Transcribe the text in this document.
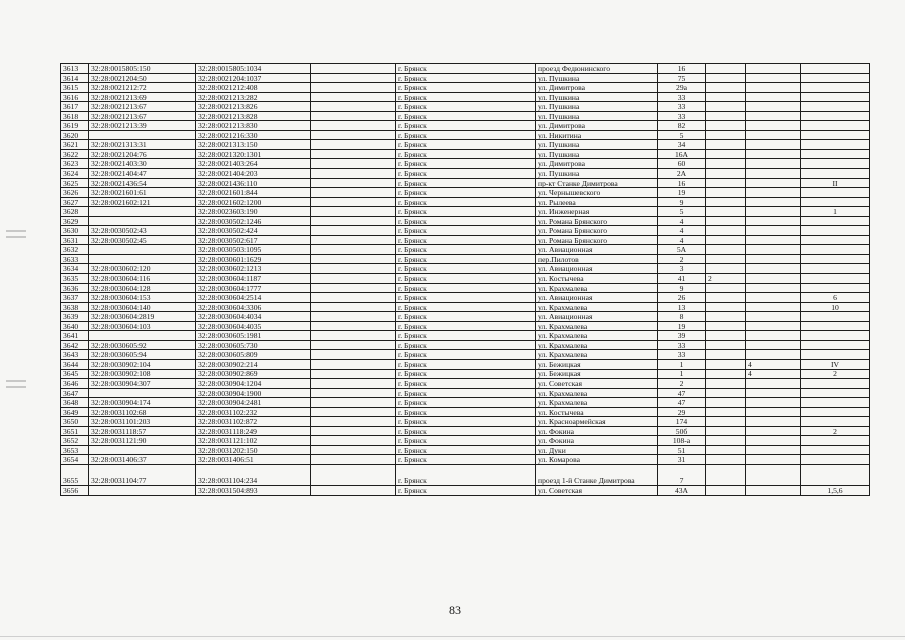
3613	32:28:0015805:150	32:28:0015805:1034		г. Брянск	проезд Федюнинского	16			
3614	32:28:0021204:50	32:28:0021204:1037		г. Брянск	ул. Пушкина	75			
3615	32:28:0021212:72	32:28:0021212:408		г. Брянск	ул. Димитрова	29а			
3616	32:28:0021213:69	32:28:0021213:282		г. Брянск	ул. Пушкина	33			
3617	32:28:0021213:67	32:28:0021213:826		г. Брянск	ул. Пушкина	33			
3618	32:28:0021213:67	32:28:0021213:828		г. Брянск	ул. Пушкина	33			
3619	32:28:0021213:39	32:28:0021213:830		г. Брянск	ул. Димитрова	82			
3620		32:28:0021216:330		г. Брянск	ул. Никитина	5			
3621	32:28:0021313:31	32:28:0021313:150		г. Брянск	ул. Пушкина	34			
3622	32:28:0021204:76	32:28:0021320:1301		г. Брянск	ул. Пушкина	16А			
3623	32:28:0021403:30	32:28:0021403:264		г. Брянск	ул. Димитрова	60			
3624	32:28:0021404:47	32:28:0021404:203		г. Брянск	ул. Пушкина	2А			
3625	32:28:0021436:54	32:28:0021436:110		г. Брянск	пр-кт Станке Димитрова	16			II
3626	32:28:0021601:61	32:28:0021601:844		г. Брянск	ул. Чернышевского	19			
3627	32:28:0021602:121	32:28:0021602:1200		г. Брянск	ул. Рылеева	9			
3628		32:28:0023603:190		г. Брянск	ул. Инженерная	5			1
3629		32:28:0030502:1246		г. Брянск	ул. Романа Брянского	4			
3630	32:28:0030502:43	32:28:0030502:424		г. Брянск	ул. Романа Брянского	4			
3631	32:28:0030502:45	32:28:0030502:617		г. Брянск	ул. Романа Брянского	4			
3632		32:28:0030503:1095		г. Брянск	ул. Авиационная	5А			
3633		32:28:0030601:1629		г. Брянск	пер.Пилотов	2			
3634	32:28:0030602:120	32:28:0030602:1213		г. Брянск	ул. Авиационная	3			
3635	32:28:0030604:116	32:28:0030604:1187		г. Брянск	ул. Костычева	41	2		
3636	32:28:0030604:128	32:28:0030604:1777		г. Брянск	ул. Крахмалева	9			
3637	32:28:0030604:153	32:28:0030604:2514		г. Брянск	ул. Авиационная	26			6
3638	32:28:0030604:140	32:28:0030604:3306		г. Брянск	ул. Крахмалева	13			10
3639	32:28:0030604:2819	32:28:0030604:4034		г. Брянск	ул. Авиационная	8			
3640	32:28:0030604:103	32:28:0030604:4035		г. Брянск	ул. Крахмалева	19			
3641		32:28:0030605:1981		г. Брянск	ул. Крахмалева	39			
3642	32:28:0030605:92	32:28:0030605:730		г. Брянск	ул. Крахмалева	33			
3643	32:28:0030605:94	32:28:0030605:809		г. Брянск	ул. Крахмалева	33			
3644	32:28:0030902:104	32:28:0030902:214		г. Брянск	ул. Бежицкая	1		4	IV
3645	32:28:0030902:108	32:28:0030902:869		г. Брянск	ул. Бежицкая	1		4	2
3646	32:28:0030904:307	32:28:0030904:1204		г. Брянск	ул. Советская	2			
3647		32:28:0030904:1900		г. Брянск	ул. Крахмалева	47			
3648	32:28:0030904:174	32:28:0030904:2481		г. Брянск	ул. Крахмалева	47			
3649	32:28:0031102:68	32:28:0031102:232		г. Брянск	ул. Костычева	29			
3650	32:28:0031101:203	32:28:0031102:872		г. Брянск	ул. Красноармейская	174			
3651	32:28:0031118:57	32:28:0031118:249		г. Брянск	ул. Фокина	50б			2
3652	32:28:0031121:90	32:28:0031121:102		г. Брянск	ул. Фокина	108-а			
3653		32:28:0031202:150		г. Брянск	ул. Дуки	51			
3654	32:28:0031406:37	32:28:0031406:51		г. Брянск	ул. Комарова	31			
3655	32:28:0031104:77	32:28:0031104:234		г. Брянск	проезд 1-й Станке Димитрова	7			
3656		32:28:0031504:893		г. Брянск	ул. Советская	43А			1,5,6
83
